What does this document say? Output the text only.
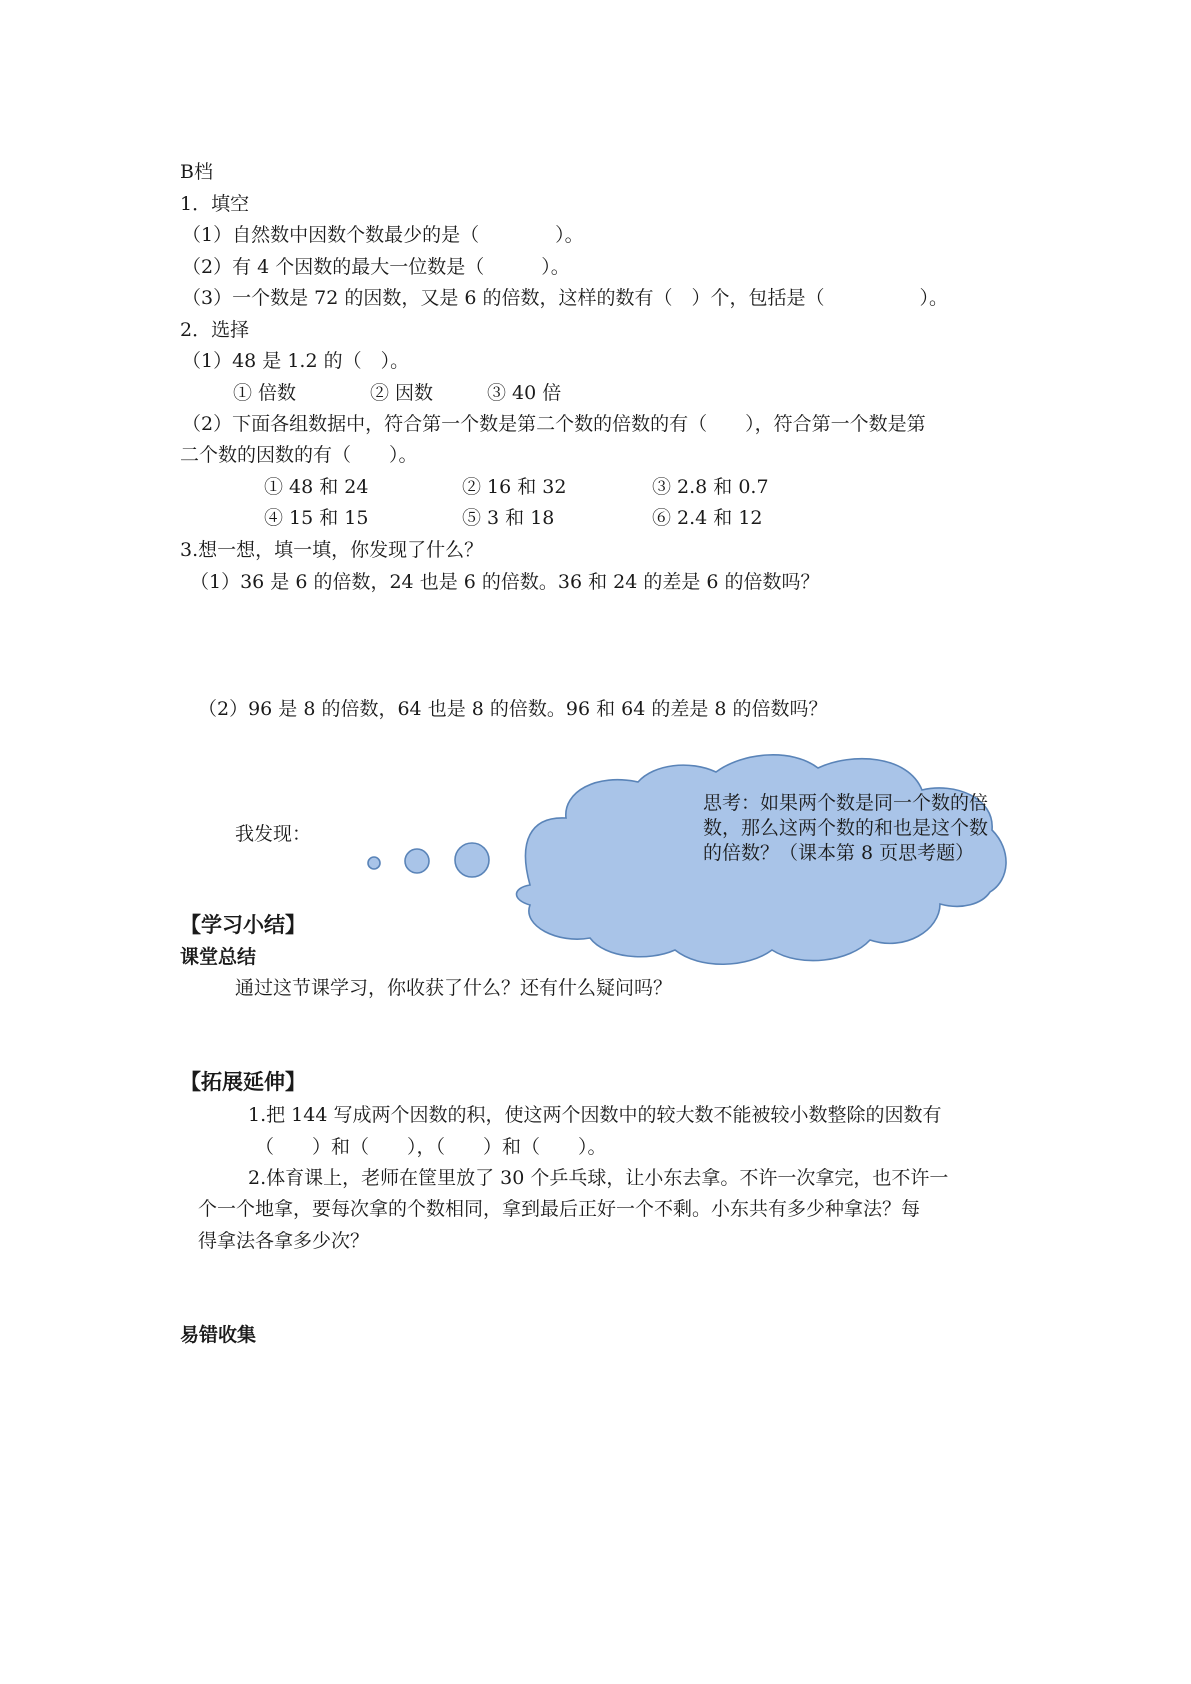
B档
1．填空
（1）自然数中因数个数最少的是（　　　　）。
（2）有 4 个因数的最大一位数是（　　　）。
（3）一个数是 72 的因数，又是 6 的倍数，这样的数有（　）个，包括是（　　　　　）。
2．选择
（1）48 是 1.2 的（　）。
① 倍数	② 因数	③ 40 倍
（2）下面各组数据中，符合第一个数是第二个数的倍数的有（　　），符合第一个数是第
二个数的因数的有（　　）。
① 48 和 24	② 16 和 32	③ 2.8 和 0.7
④ 15 和 15	⑤ 3 和 18	⑥ 2.4 和 12
3.想一想，填一填，你发现了什么？
（1）36 是 6 的倍数，24 也是 6 的倍数。36 和 24 的差是 6 的倍数吗？
（2）96 是 8 的倍数，64 也是 8 的倍数。96 和 64 的差是 8 的倍数吗？
我发现：
思考：如果两个数是同一个数的倍数，那么这两个数的和也是这个数的倍数？（课本第 8 页思考题）
【学习小结】
课堂总结
通过这节课学习，你收获了什么？还有什么疑问吗？
【拓展延伸】
1.把 144 写成两个因数的积，使这两个因数中的较大数不能被较小数整除的因数有
（　　）和（　　），（　　）和（　　）。
2.体育课上，老师在筐里放了 30 个乒乓球，让小东去拿。不许一次拿完，也不许一
个一个地拿，要每次拿的个数相同，拿到最后正好一个不剩。小东共有多少种拿法？每
得拿法各拿多少次？
易错收集
